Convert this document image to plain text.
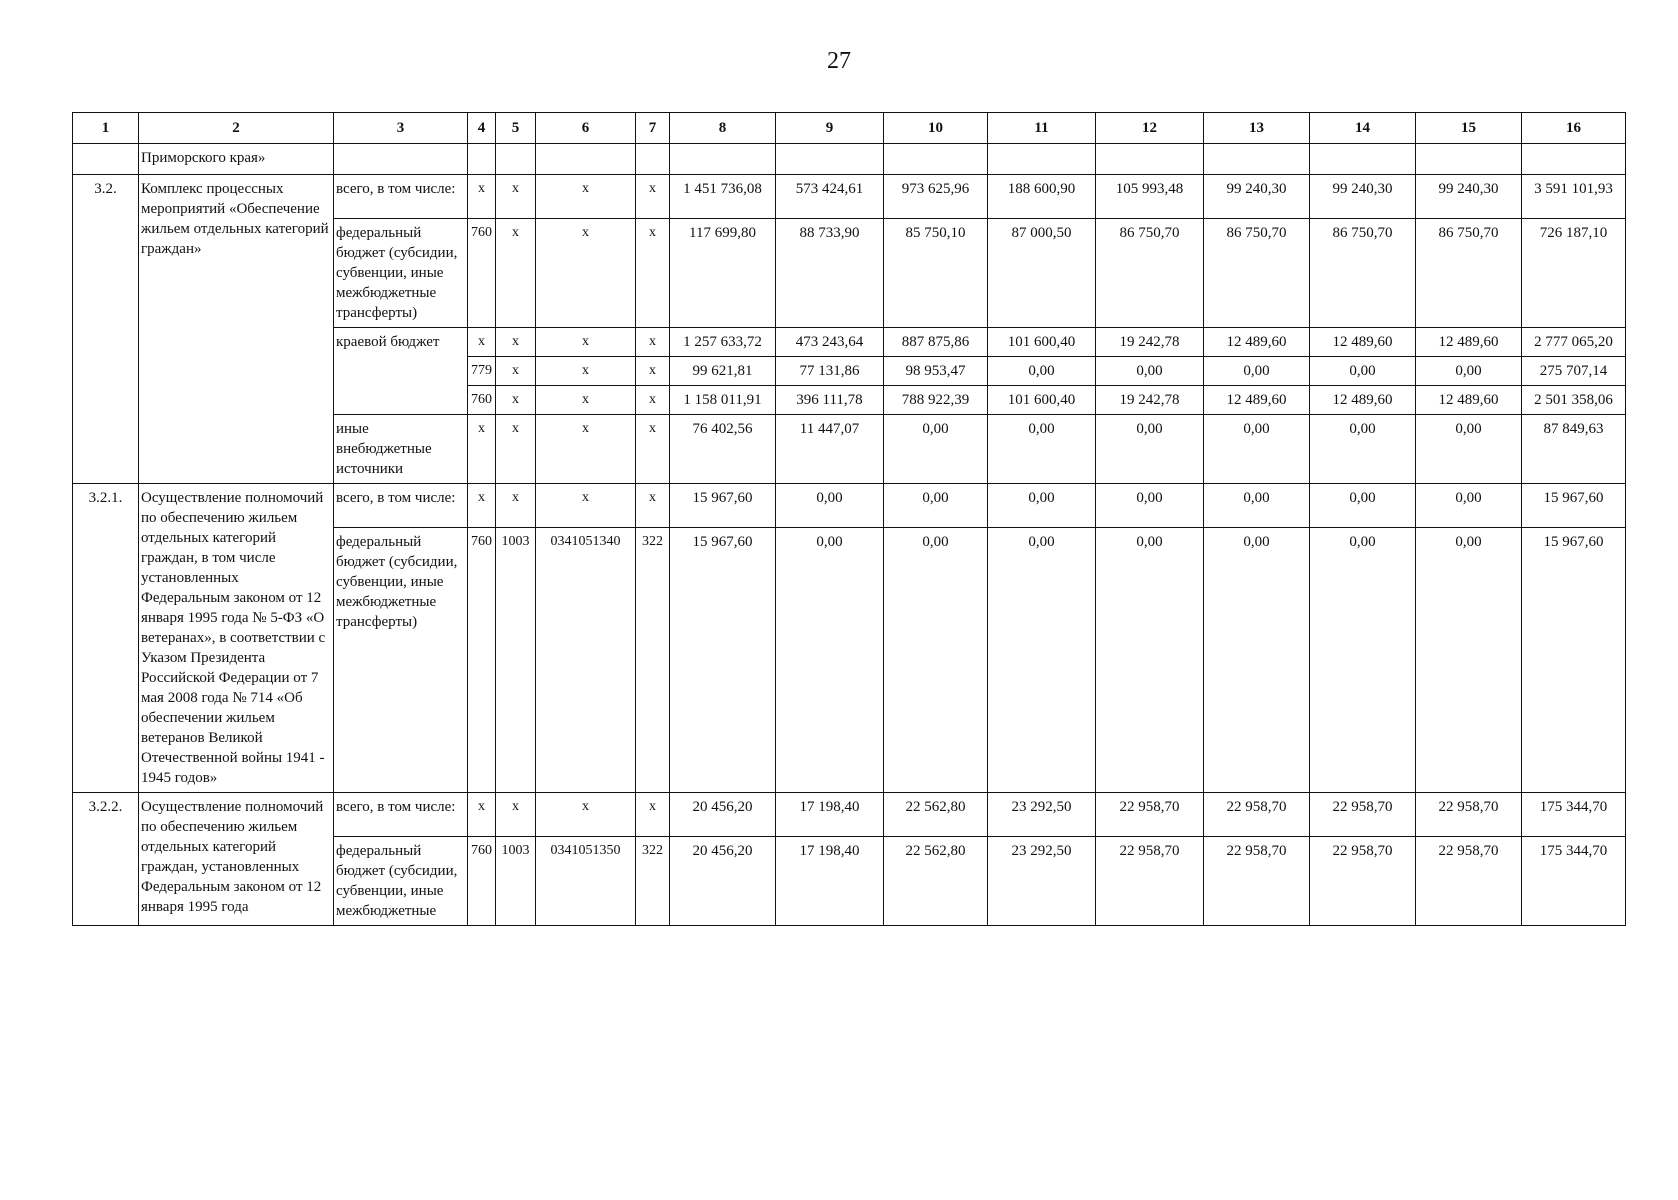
27
1	2	3	4	5	6	7	8	9	10	11	12	13	14	15	16
	Приморского края»														
3.2.	Комплекс процессных мероприятий «Обеспечение жильем отдельных категорий граждан»	всего, в том числе:	x	x	x	x	1 451 736,08	573 424,61	973 625,96	188 600,90	105 993,48	99 240,30	99 240,30	99 240,30	3 591 101,93
		федеральный бюджет (субсидии, субвенции, иные межбюджетные трансферты)	760	x	x	x	117 699,80	88 733,90	85 750,10	87 000,50	86 750,70	86 750,70	86 750,70	86 750,70	726 187,10
		краевой бюджет	x	x	x	x	1 257 633,72	473 243,64	887 875,86	101 600,40	19 242,78	12 489,60	12 489,60	12 489,60	2 777 065,20
			779	x	x	x	99 621,81	77 131,86	98 953,47	0,00	0,00	0,00	0,00	0,00	275 707,14
			760	x	x	x	1 158 011,91	396 111,78	788 922,39	101 600,40	19 242,78	12 489,60	12 489,60	12 489,60	2 501 358,06
		иные внебюджетные источники	x	x	x	x	76 402,56	11 447,07	0,00	0,00	0,00	0,00	0,00	0,00	87 849,63
3.2.1.	Осуществление полномочий по обеспечению жильем отдельных категорий граждан, в том числе установленных Федеральным законом от 12 января 1995 года № 5-ФЗ «О ветеранах», в соответствии с Указом Президента Российской Федерации от 7 мая 2008 года № 714 «Об обеспечении жильем ветеранов Великой Отечественной войны 1941 - 1945 годов»	всего, в том числе:	x	x	x	x	15 967,60	0,00	0,00	0,00	0,00	0,00	0,00	0,00	15 967,60
		федеральный бюджет (субсидии, субвенции, иные межбюджетные трансферты)	760	1003	0341051340	322	15 967,60	0,00	0,00	0,00	0,00	0,00	0,00	0,00	15 967,60
3.2.2.	Осуществление полномочий по обеспечению жильем отдельных категорий граждан, установленных Федеральным законом от 12 января 1995 года	всего, в том числе:	x	x	x	x	20 456,20	17 198,40	22 562,80	23 292,50	22 958,70	22 958,70	22 958,70	22 958,70	175 344,70
		федеральный бюджет (субсидии, субвенции, иные межбюджетные	760	1003	0341051350	322	20 456,20	17 198,40	22 562,80	23 292,50	22 958,70	22 958,70	22 958,70	22 958,70	175 344,70
